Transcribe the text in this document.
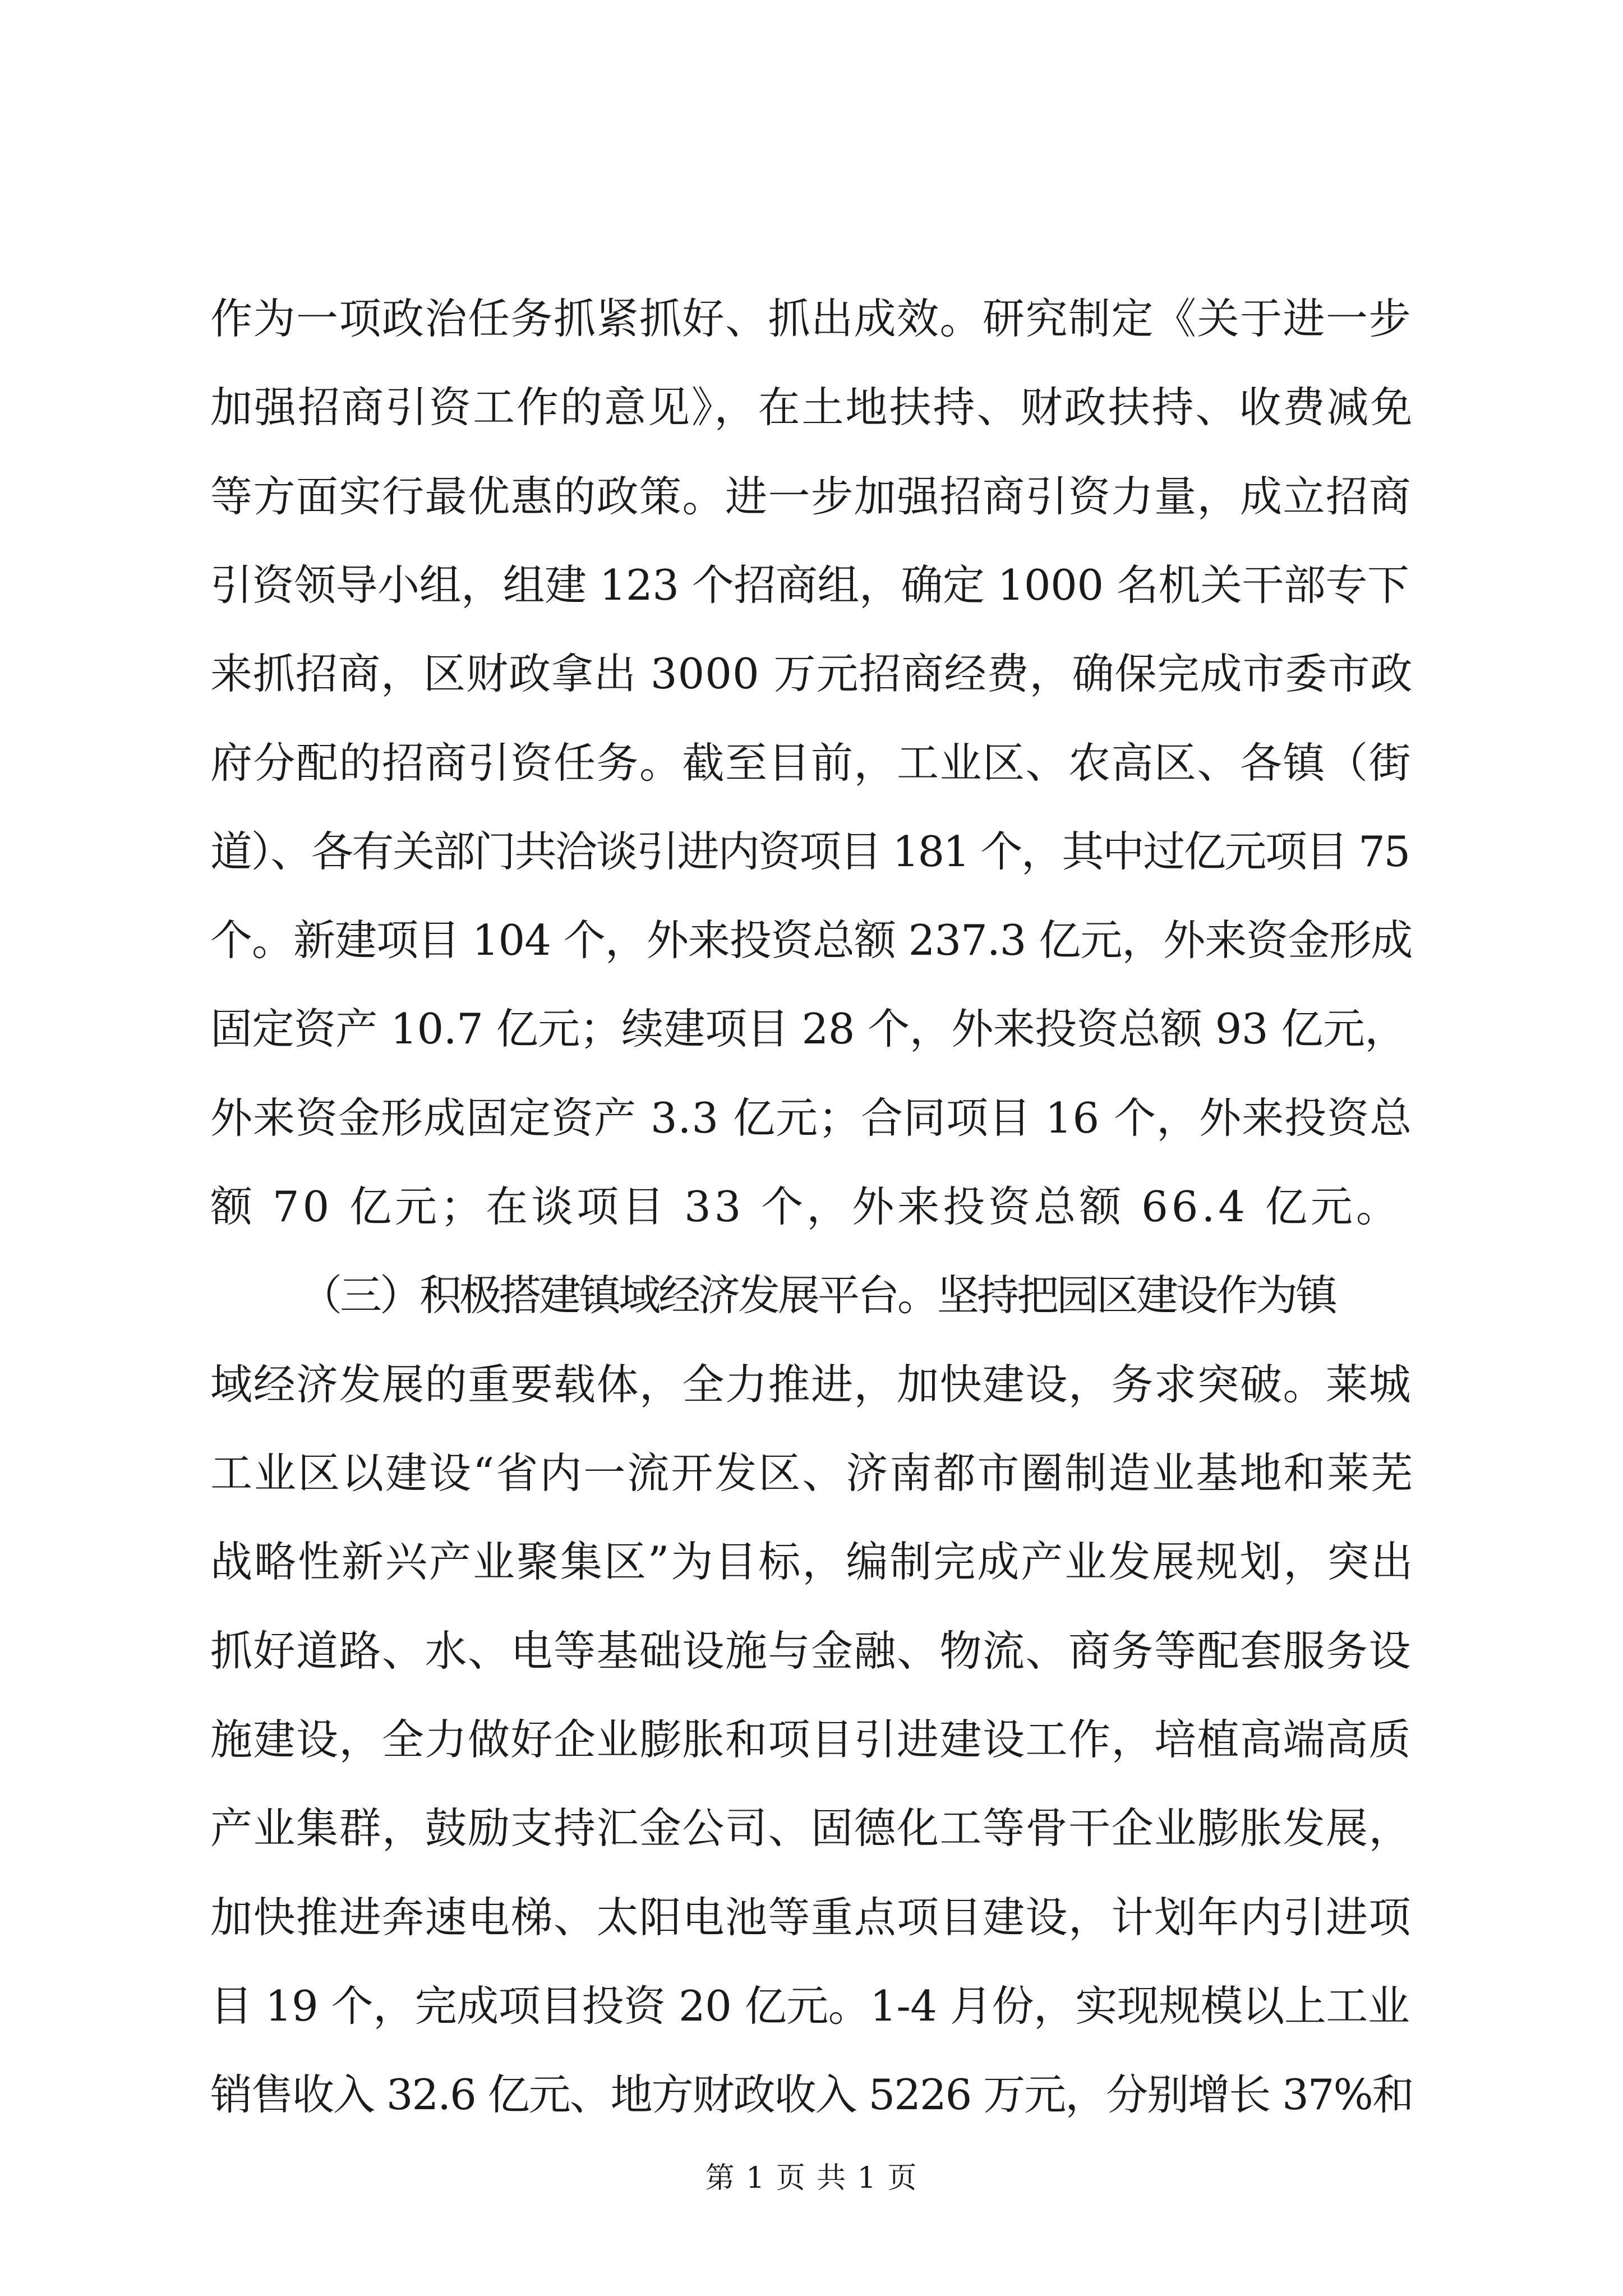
作为一项政治任务抓紧抓好、抓出成效。研究制定《关于进一步
加强招商引资工作的意见》，在土地扶持、财政扶持、收费减免
等方面实行最优惠的政策。进一步加强招商引资力量，成立招商
引资领导小组，组建 123 个招商组，确定 1000 名机关干部专下
来抓招商，区财政拿出 3000 万元招商经费，确保完成市委市政
府分配的招商引资任务。截至目前，工业区、农高区、各镇（街
道）、各有关部门共洽谈引进内资项目 181 个，其中过亿元项目 75
个。新建项目 104 个，外来投资总额 237.3 亿元，外来资金形成
固定资产 10.7 亿元；续建项目 28 个，外来投资总额 93 亿元，
外来资金形成固定资产 3.3 亿元；合同项目 16 个，外来投资总
额 70 亿元；在谈项目 33 个，外来投资总额 66.4 亿元。
（三）积极搭建镇域经济发展平台。坚持把园区建设作为镇
域经济发展的重要载体，全力推进，加快建设，务求突破。莱城
工业区以建设“省内一流开发区、济南都市圈制造业基地和莱芜
战略性新兴产业聚集区”为目标，编制完成产业发展规划，突出
抓好道路、水、电等基础设施与金融、物流、商务等配套服务设
施建设，全力做好企业膨胀和项目引进建设工作，培植高端高质
产业集群，鼓励支持汇金公司、固德化工等骨干企业膨胀发展，
加快推进奔速电梯、太阳电池等重点项目建设，计划年内引进项
目 19 个，完成项目投资 20 亿元。1-4 月份，实现规模以上工业
销售收入 32.6 亿元、地方财政收入 5226 万元，分别增长 37%和
第 1 页 共 1 页
